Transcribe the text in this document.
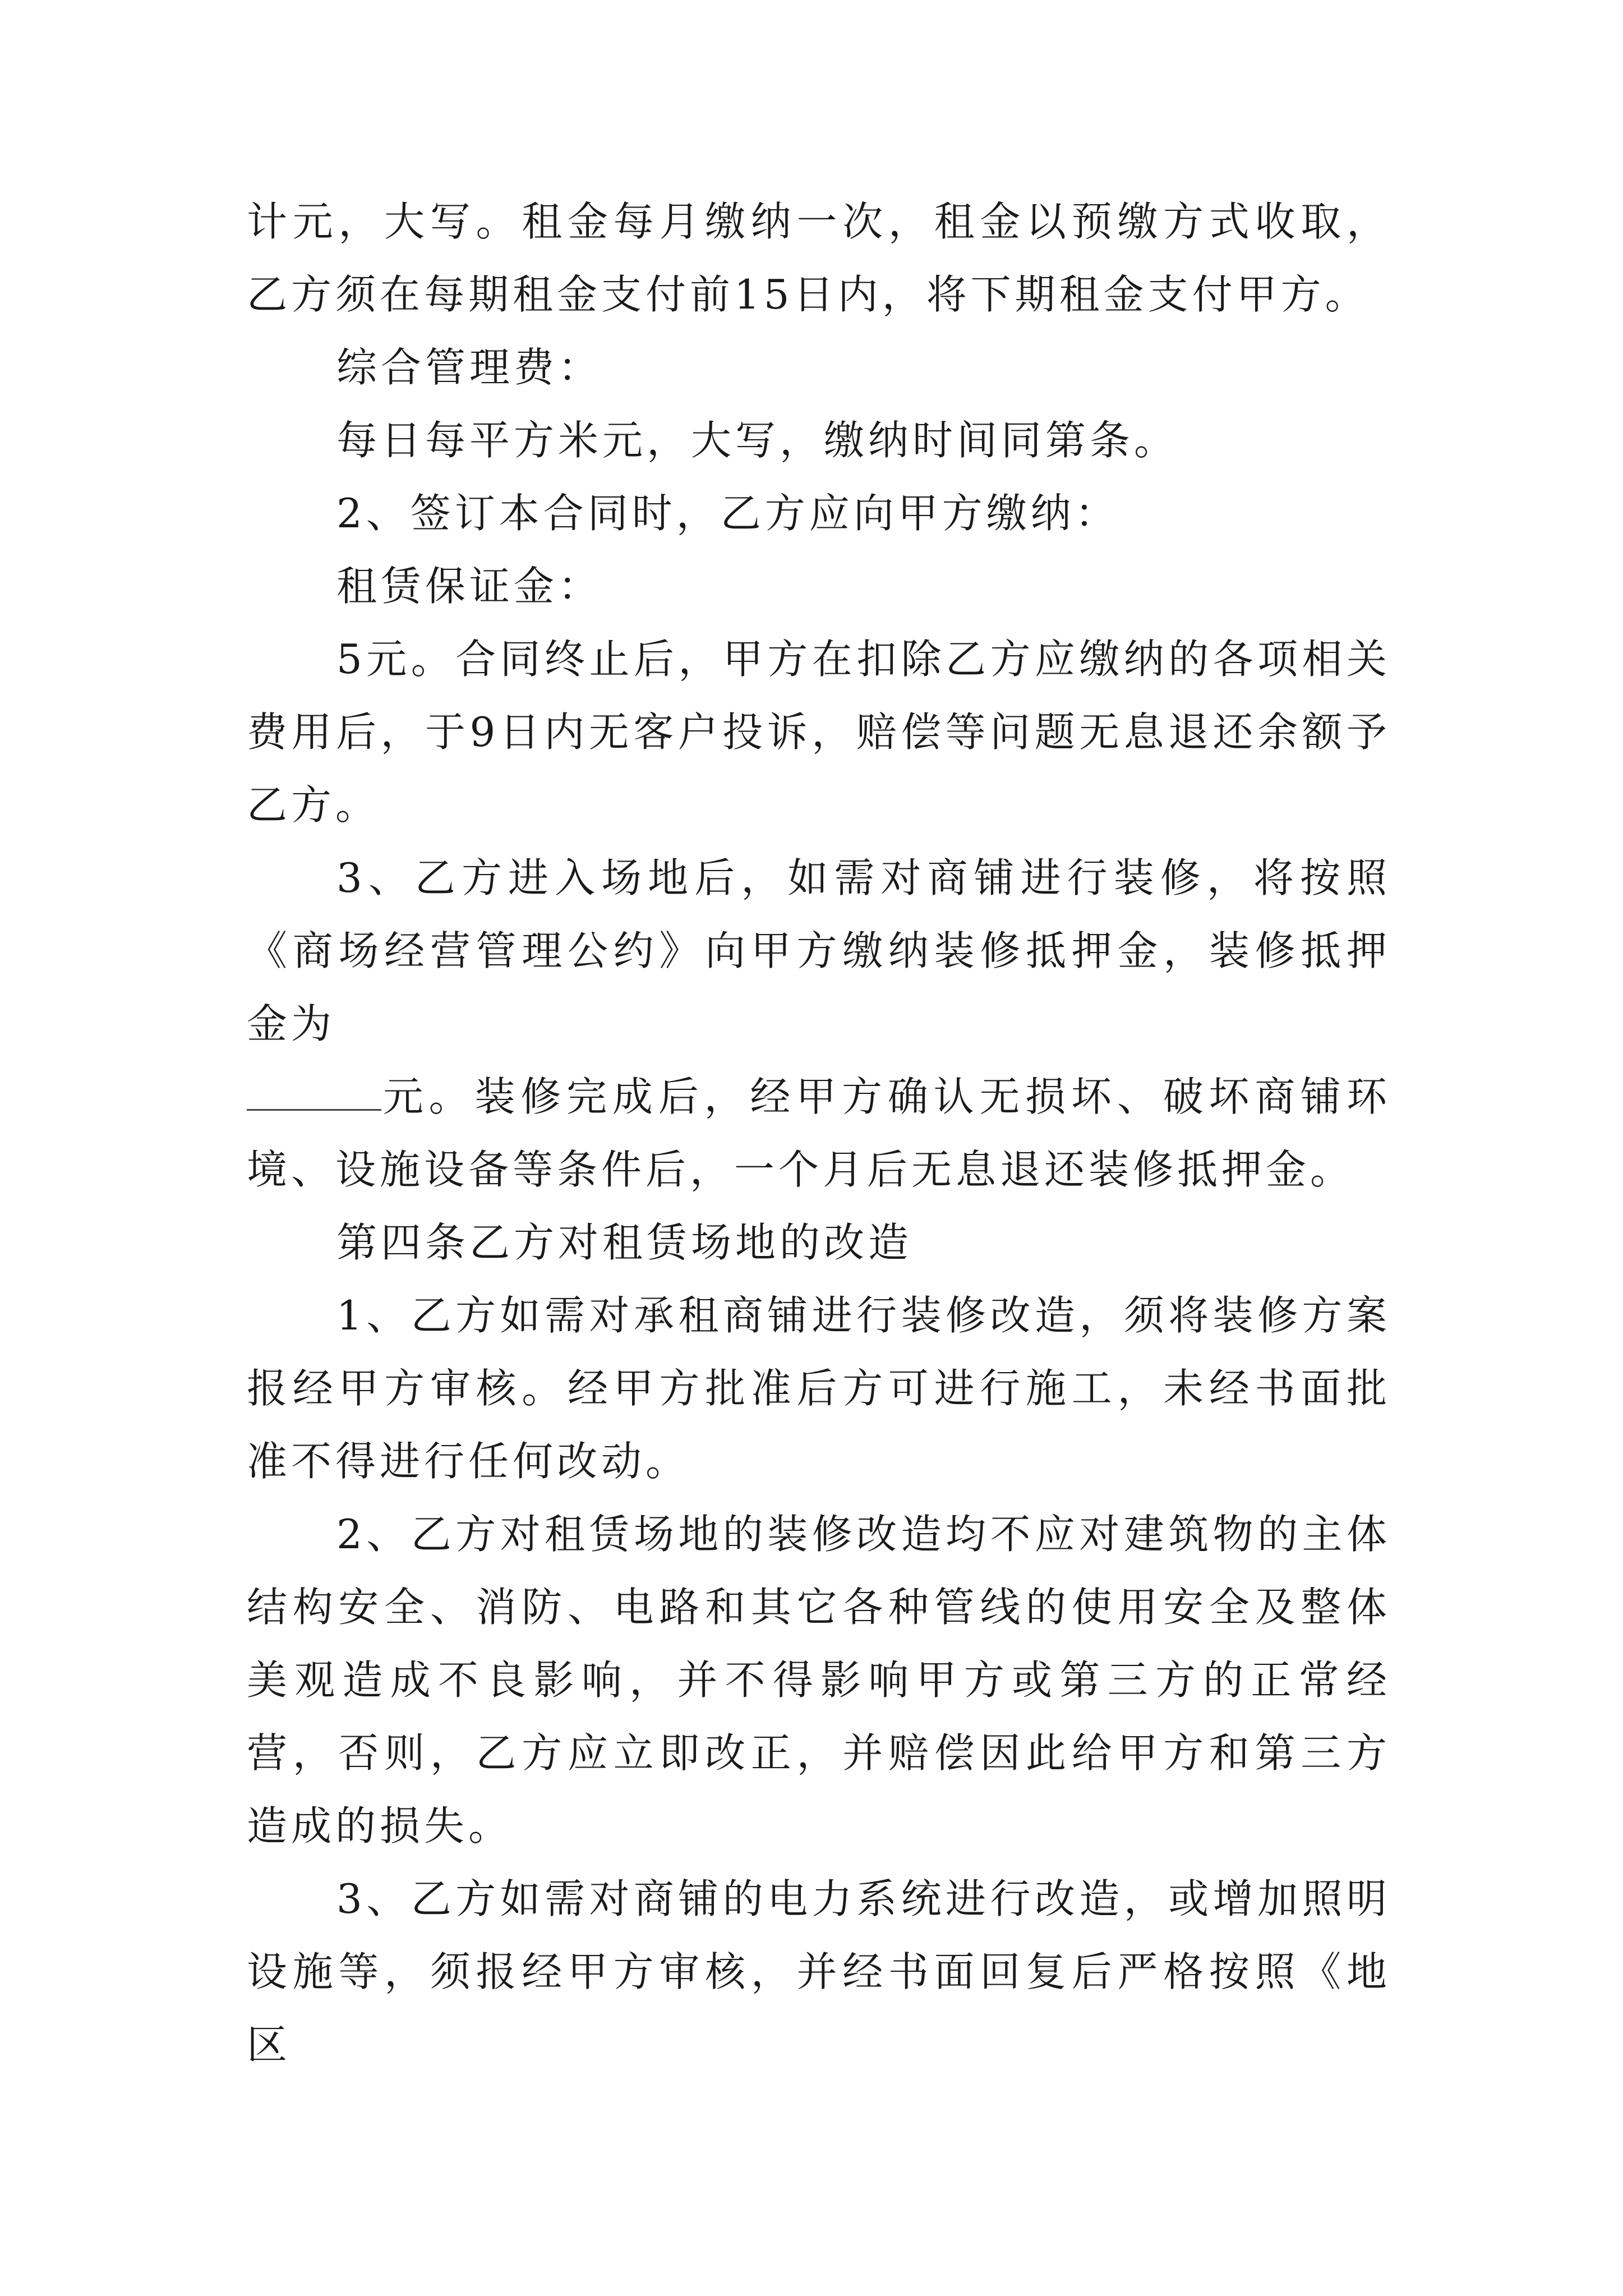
计元，大写。租金每月缴纳一次，租金以预缴方式收取，乙方须在每期租金支付前15日内，将下期租金支付甲方。

综合管理费：

每日每平方米元，大写，缴纳时间同第条。

2、签订本合同时，乙方应向甲方缴纳：

租赁保证金：

5元。合同终止后，甲方在扣除乙方应缴纳的各项相关费用后，于9日内无客户投诉，赔偿等问题无息退还余额予乙方。

3、乙方进入场地后，如需对商铺进行装修，将按照《商场经营管理公约》向甲方缴纳装修抵押金，装修抵押金为

元。装修完成后，经甲方确认无损坏、破坏商铺环境、设施设备等条件后，一个月后无息退还装修抵押金。

第四条乙方对租赁场地的改造

1、乙方如需对承租商铺进行装修改造，须将装修方案报经甲方审核。经甲方批准后方可进行施工，未经书面批准不得进行任何改动。

2、乙方对租赁场地的装修改造均不应对建筑物的主体结构安全、消防、电路和其它各种管线的使用安全及整体美观造成不良影响，并不得影响甲方或第三方的正常经营，否则，乙方应立即改正，并赔偿因此给甲方和第三方造成的损失。

3、乙方如需对商铺的电力系统进行改造，或增加照明设施等，须报经甲方审核，并经书面回复后严格按照《地区
